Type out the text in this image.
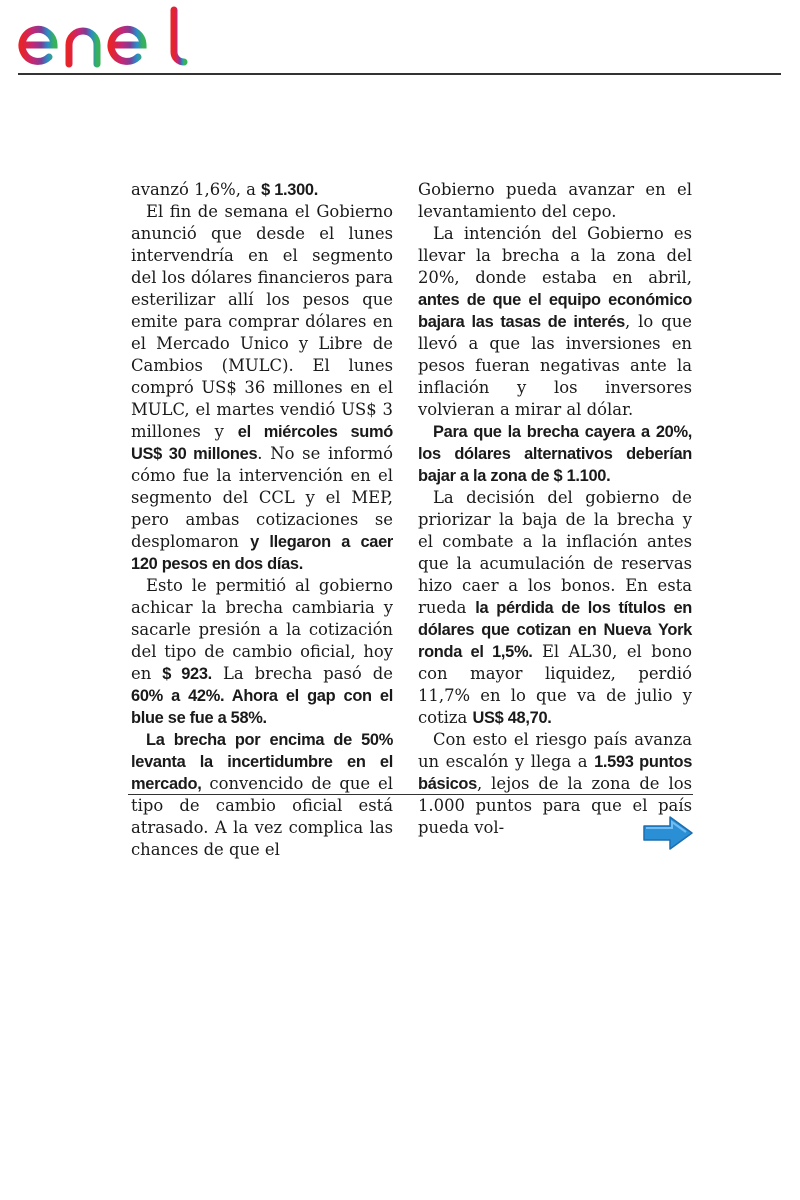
avanzó 1,6%, a $ 1.300.

El fin de semana el Gobierno anunció que desde el lunes intervendría en el segmento del los dólares financieros para esterilizar allí los pesos que emite para comprar dólares en el Mercado Unico y Libre de Cambios (MULC). El lunes compró US$ 36 millones en el MULC, el martes vendió US$ 3 millones y el miércoles sumó US$ 30 millones. No se informó cómo fue la intervención en el segmento del CCL y el MEP, pero ambas cotizaciones se desplomaron y llegaron a caer 120 pesos en dos días.

Esto le permitió al gobierno achicar la brecha cambiaria y sacarle presión a la cotización del tipo de cambio oficial, hoy en $ 923. La brecha pasó de 60% a 42%. Ahora el gap con el blue se fue a 58%.

La brecha por encima de 50% levanta la incertidumbre en el mercado, convencido de que el tipo de cambio oficial está atrasado. A la vez complica las chances de que el

Gobierno pueda avanzar en el levantamiento del cepo.

La intención del Gobierno es llevar la brecha a la zona del 20%, donde estaba en abril, antes de que el equipo económico bajara las tasas de interés, lo que llevó a que las inversiones en pesos fueran negativas ante la inflación y los inversores volvieran a mirar al dólar.

Para que la brecha cayera a 20%, los dólares alternativos deberían bajar a la zona de $ 1.100.

La decisión del gobierno de priorizar la baja de la brecha y el combate a la inflación antes que la acumulación de reservas hizo caer a los bonos. En esta rueda la pérdida de los títulos en dólares que cotizan en Nueva York ronda el 1,5%. El AL30, el bono con mayor liquidez, perdió 11,7% en lo que va de julio y cotiza US$ 48,70.

Con esto el riesgo país avanza un escalón y llega a 1.593 puntos básicos, lejos de la zona de los 1.000 puntos para que el país pueda vol-
